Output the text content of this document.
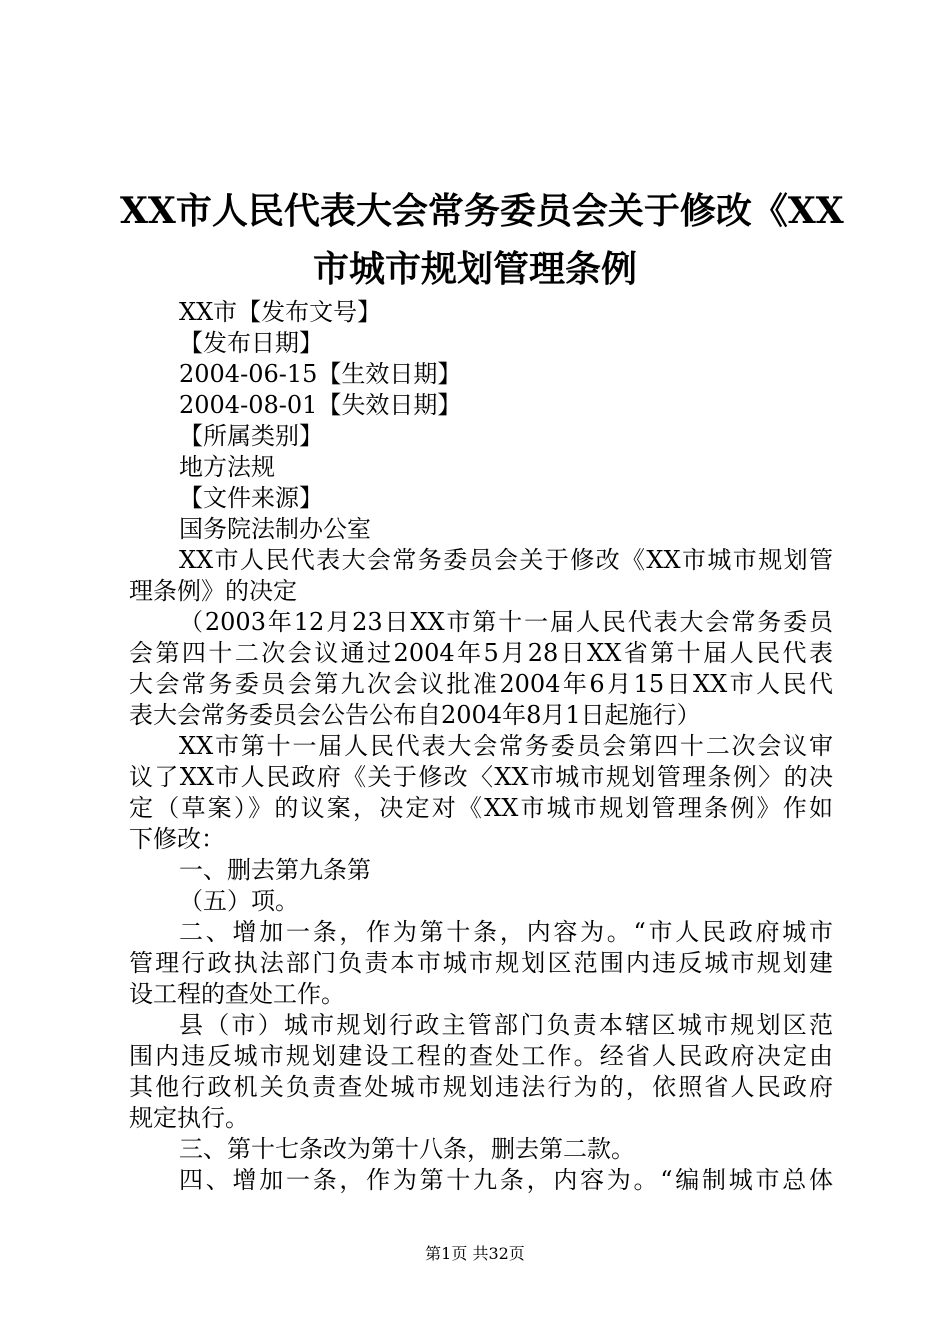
XX市人民代表大会常务委员会关于修改《XX
市城市规划管理条例
XX市【发布文号】
【发布日期】
2004-06-15【生效日期】
2004-08-01【失效日期】
【所属类别】
地方法规
【文件来源】
国务院法制办公室
XX市人民代表大会常务委员会关于修改《XX市城市规划管
理条例》的决定
（2003年12月23日XX市第十一届人民代表大会常务委员
会第四十二次会议通过2004年5月28日XX省第十届人民代表
大会常务委员会第九次会议批准2004年6月15日XX市人民代
表大会常务委员会公告公布自2004年8月1日起施行）
XX市第十一届人民代表大会常务委员会第四十二次会议审
议了XX市人民政府《关于修改〈XX市城市规划管理条例〉的决
定（草案）》的议案，决定对《XX市城市规划管理条例》作如
下修改：
一、删去第九条第
（五）项。
二、增加一条，作为第十条，内容为。“市人民政府城市
管理行政执法部门负责本市城市规划区范围内违反城市规划建
设工程的查处工作。
县（市）城市规划行政主管部门负责本辖区城市规划区范
围内违反城市规划建设工程的查处工作。经省人民政府决定由
其他行政机关负责查处城市规划违法行为的，依照省人民政府
规定执行。
三、第十七条改为第十八条，删去第二款。
四、增加一条，作为第十九条，内容为。“编制城市总体
第1页 共32页
